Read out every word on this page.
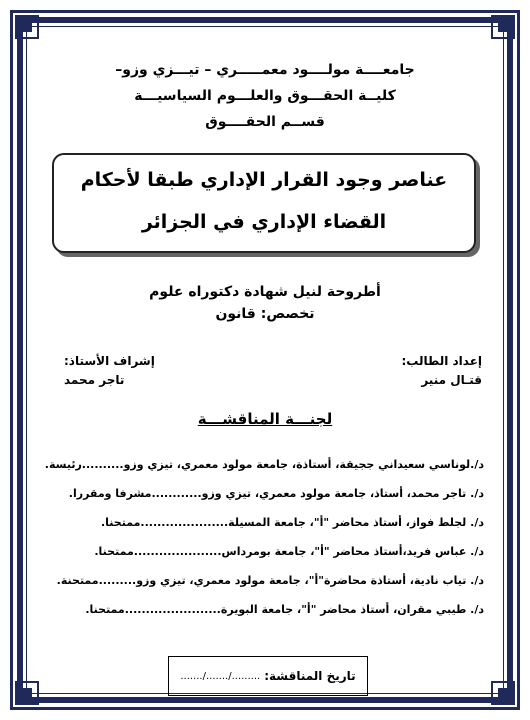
جامعــــة مولــــود معمـــــري – تيـــزي وزو–
كليــة الحقـــوق والعلـــوم السياسيـــة
قســم الحقــــوق
عناصر وجود القرار الإداري طبقا لأحكام
القضاء الإداري في الجزائر
أطروحة لنيل شهادة دكتوراه علوم
تخصص: قانون
إعداد الطالب:
قتـال منير
إشراف الأستاذ:
تاجر محمد
لجنـــة المناقشـــة
د/.لوناسي سعيداني ججيقة، أستاذة، جامعة مولود معمري، تيزي وزو..........رئيسة.
د/. تاجر محمد، أستاذ، جامعة مولود معمري، تيزي وزو............مشرفا ومقررا.
د/. لجلط فواز، أستاذ محاضر "أ"، جامعة المسيلة.....................ممتحنا.
د/. عباس فريد،أستاذ محاضر "أ"، جامعة بومرداس.....................ممتحنا.
د/. تياب نادية، أستاذة محاضرة"أ"، جامعة مولود معمري، تيزي وزو.........ممتحنة.
د/. طيبي مقران، أستاذ محاضر "أ"، جامعة البويرة.......................ممتحنا.
تاريخ المناقشة:
........./......./.......
